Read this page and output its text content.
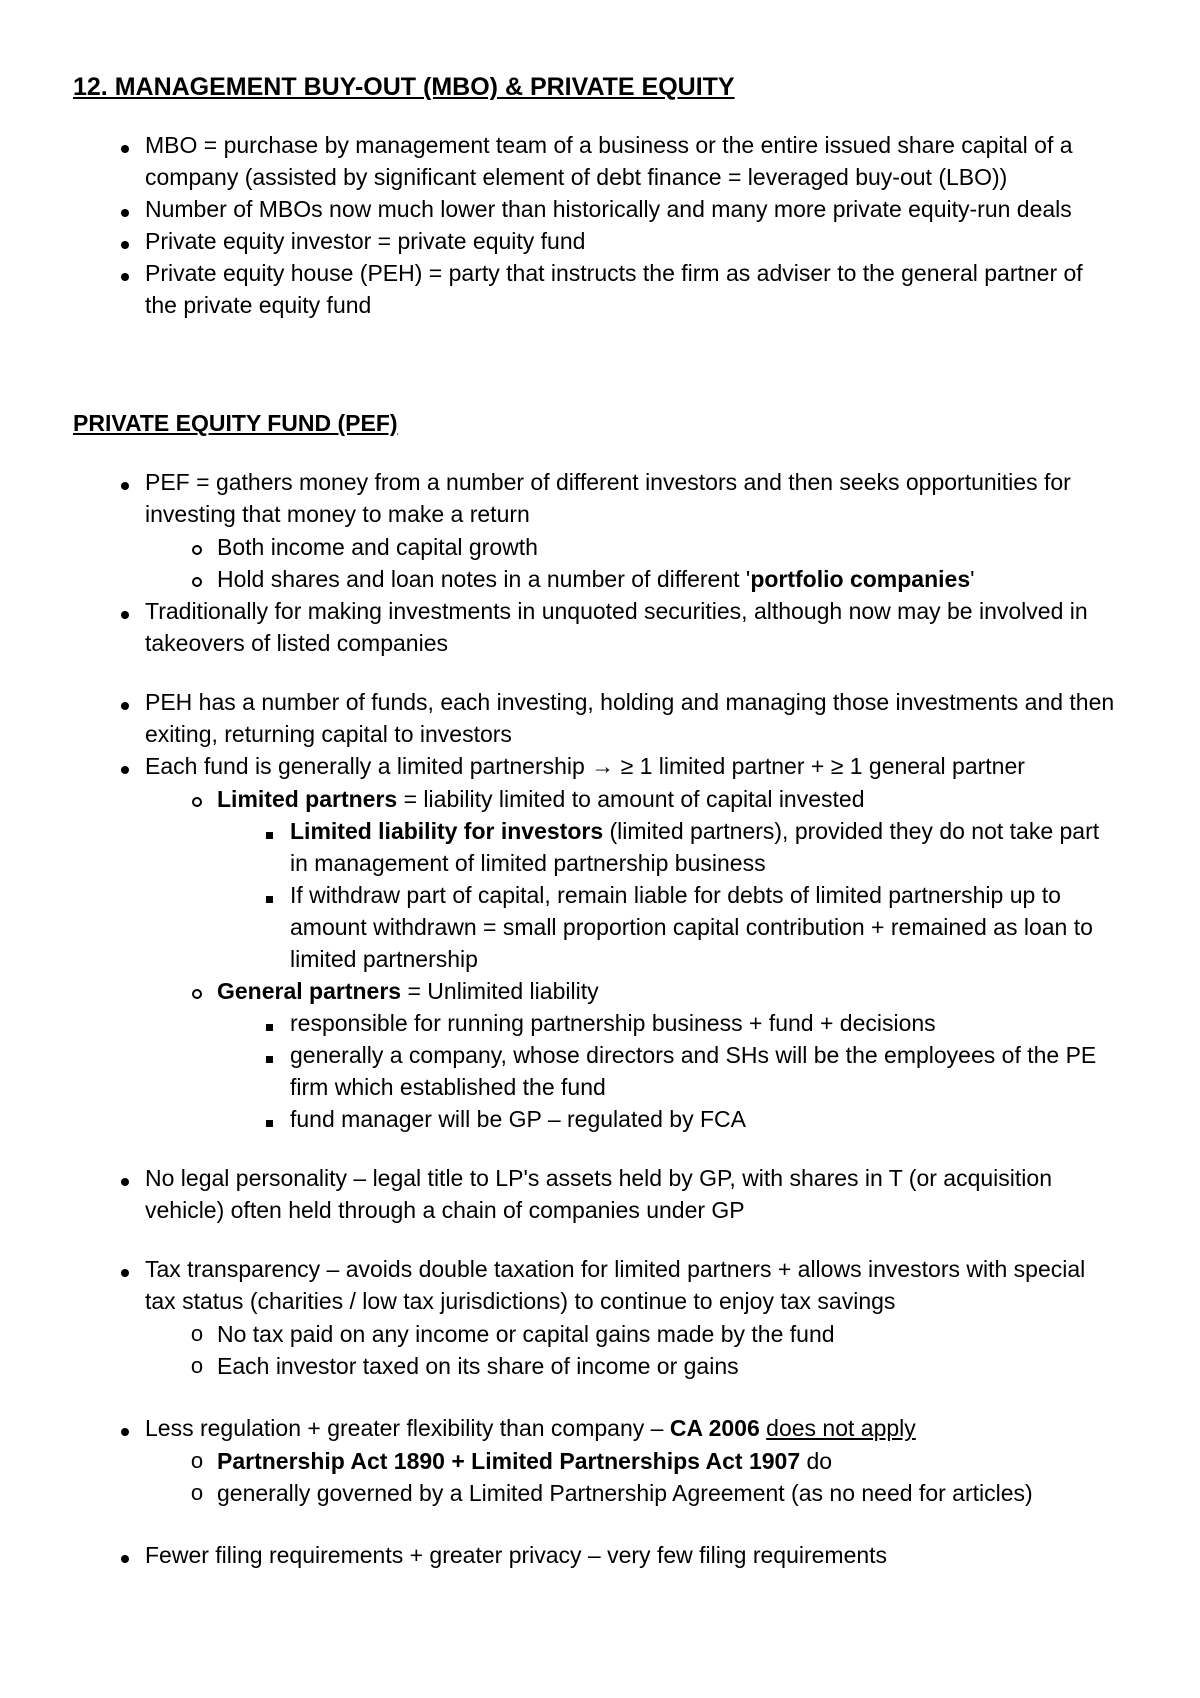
12. MANAGEMENT BUY-OUT (MBO) & PRIVATE EQUITY
MBO = purchase by management team of a business or the entire issued share capital of a company (assisted by significant element of debt finance = leveraged buy-out (LBO))
Number of MBOs now much lower than historically and many more private equity-run deals
Private equity investor = private equity fund
Private equity house (PEH) = party that instructs the firm as adviser to the general partner of the private equity fund
PRIVATE EQUITY FUND (PEF)
PEF = gathers money from a number of different investors and then seeks opportunities for investing that money to make a return
Both income and capital growth
Hold shares and loan notes in a number of different 'portfolio companies'
Traditionally for making investments in unquoted securities, although now may be involved in takeovers of listed companies
PEH has a number of funds, each investing, holding and managing those investments and then exiting, returning capital to investors
Each fund is generally a limited partnership → ≥ 1 limited partner + ≥ 1 general partner
Limited partners = liability limited to amount of capital invested
Limited liability for investors (limited partners), provided they do not take part in management of limited partnership business
If withdraw part of capital, remain liable for debts of limited partnership up to amount withdrawn = small proportion capital contribution + remained as loan to limited partnership
General partners = Unlimited liability
responsible for running partnership business + fund + decisions
generally a company, whose directors and SHs will be the employees of the PE firm which established the fund
fund manager will be GP – regulated by FCA
No legal personality – legal title to LP's assets held by GP, with shares in T (or acquisition vehicle) often held through a chain of companies under GP
Tax transparency – avoids double taxation for limited partners + allows investors with special tax status (charities / low tax jurisdictions) to continue to enjoy tax savings
o No tax paid on any income or capital gains made by the fund
o Each investor taxed on its share of income or gains
Less regulation + greater flexibility than company – CA 2006 does not apply
o Partnership Act 1890 + Limited Partnerships Act 1907 do
o generally governed by a Limited Partnership Agreement (as no need for articles)
Fewer filing requirements + greater privacy – very few filing requirements
